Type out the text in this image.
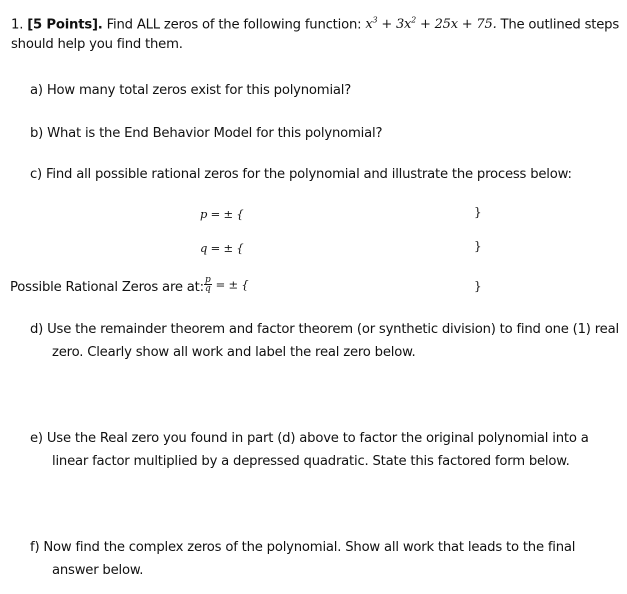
1. [5 Points]. Find ALL zeros of the following function: $x^3 + 3x^2 + 25x + 75$. The outlined steps
should help you find them.
a) How many total zeros exist for this polynomial?
b) What is the End Behavior Model for this polynomial?
c) Find all possible rational zeros for the polynomial and illustrate the process below:
p = ± {	}
q = ± {	}
Possible Rational Zeros are at: $\frac{p}{q}$ = ± {	}
d) Use the remainder theorem and factor theorem (or synthetic division) to find one (1) real
zero. Clearly show all work and label the real zero below.
e) Use the Real zero you found in part (d) above to factor the original polynomial into a
linear factor multiplied by a depressed quadratic. State this factored form below.
f) Now find the complex zeros of the polynomial. Show all work that leads to the final
answer below.
